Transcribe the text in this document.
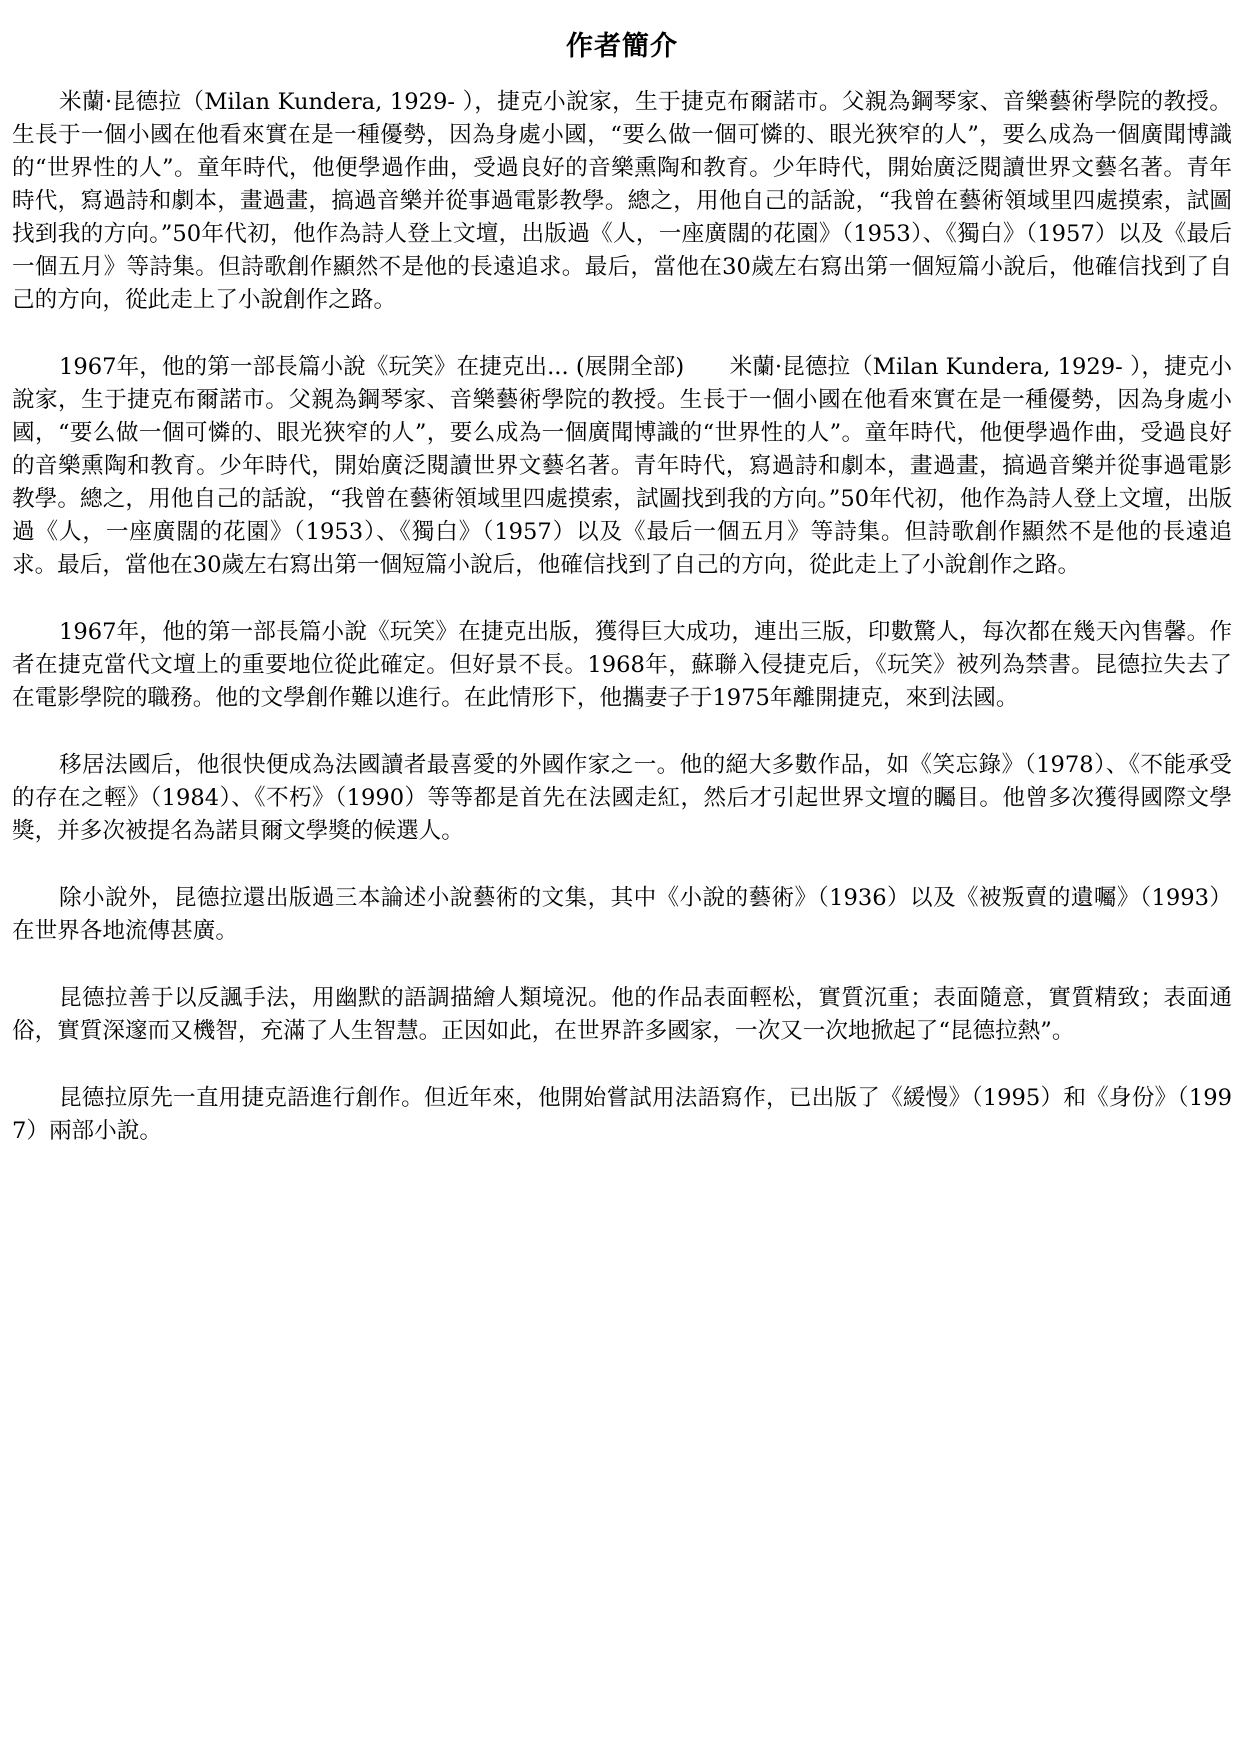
作者簡介

米蘭·昆德拉（Milan Kundera, 1929- ），捷克小說家，生于捷克布爾諾市。父親為鋼琴家、音樂藝術學院的教授。生長于一個小國在他看來實在是一種優勢，因為身處小國，“要么做一個可憐的、眼光狹窄的人”，要么成為一個廣聞博識的“世界性的人”。童年時代，他便學過作曲，受過良好的音樂熏陶和教育。少年時代，開始廣泛閱讀世界文藝名著。青年時代，寫過詩和劇本，畫過畫，搞過音樂并從事過電影教學。總之，用他自己的話說，“我曾在藝術領域里四處摸索，試圖找到我的方向。”50年代初，他作為詩人登上文壇，出版過《人，一座廣闊的花園》（1953）、《獨白》（1957）以及《最后一個五月》等詩集。但詩歌創作顯然不是他的長遠追求。最后，當他在30歲左右寫出第一個短篇小說后，他確信找到了自己的方向，從此走上了小說創作之路。

1967年，他的第一部長篇小說《玩笑》在捷克出... (展開全部)　　米蘭·昆德拉（Milan Kundera, 1929- ），捷克小說家，生于捷克布爾諾市。父親為鋼琴家、音樂藝術學院的教授。生長于一個小國在他看來實在是一種優勢，因為身處小國，“要么做一個可憐的、眼光狹窄的人”，要么成為一個廣聞博識的“世界性的人”。童年時代，他便學過作曲，受過良好的音樂熏陶和教育。少年時代，開始廣泛閱讀世界文藝名著。青年時代，寫過詩和劇本，畫過畫，搞過音樂并從事過電影教學。總之，用他自己的話說，“我曾在藝術領域里四處摸索，試圖找到我的方向。”50年代初，他作為詩人登上文壇，出版過《人，一座廣闊的花園》（1953）、《獨白》（1957）以及《最后一個五月》等詩集。但詩歌創作顯然不是他的長遠追求。最后，當他在30歲左右寫出第一個短篇小說后，他確信找到了自己的方向，從此走上了小說創作之路。

1967年，他的第一部長篇小說《玩笑》在捷克出版，獲得巨大成功，連出三版，印數驚人，每次都在幾天內售馨。作者在捷克當代文壇上的重要地位從此確定。但好景不長。1968年，蘇聯入侵捷克后，《玩笑》被列為禁書。昆德拉失去了在電影學院的職務。他的文學創作難以進行。在此情形下，他攜妻子于1975年離開捷克，來到法國。

移居法國后，他很快便成為法國讀者最喜愛的外國作家之一。他的絕大多數作品，如《笑忘錄》（1978）、《不能承受的存在之輕》（1984）、《不朽》（1990）等等都是首先在法國走紅，然后才引起世界文壇的矚目。他曾多次獲得國際文學獎，并多次被提名為諾貝爾文學獎的候選人。

除小說外，昆德拉還出版過三本論述小說藝術的文集，其中《小說的藝術》（1936）以及《被叛賣的遺囑》（1993）在世界各地流傳甚廣。

昆德拉善于以反諷手法，用幽默的語調描繪人類境況。他的作品表面輕松，實質沉重；表面隨意，實質精致；表面通俗，實質深邃而又機智，充滿了人生智慧。正因如此，在世界許多國家，一次又一次地掀起了“昆德拉熱”。

昆德拉原先一直用捷克語進行創作。但近年來，他開始嘗試用法語寫作，已出版了《緩慢》（1995）和《身份》（1997）兩部小說。
